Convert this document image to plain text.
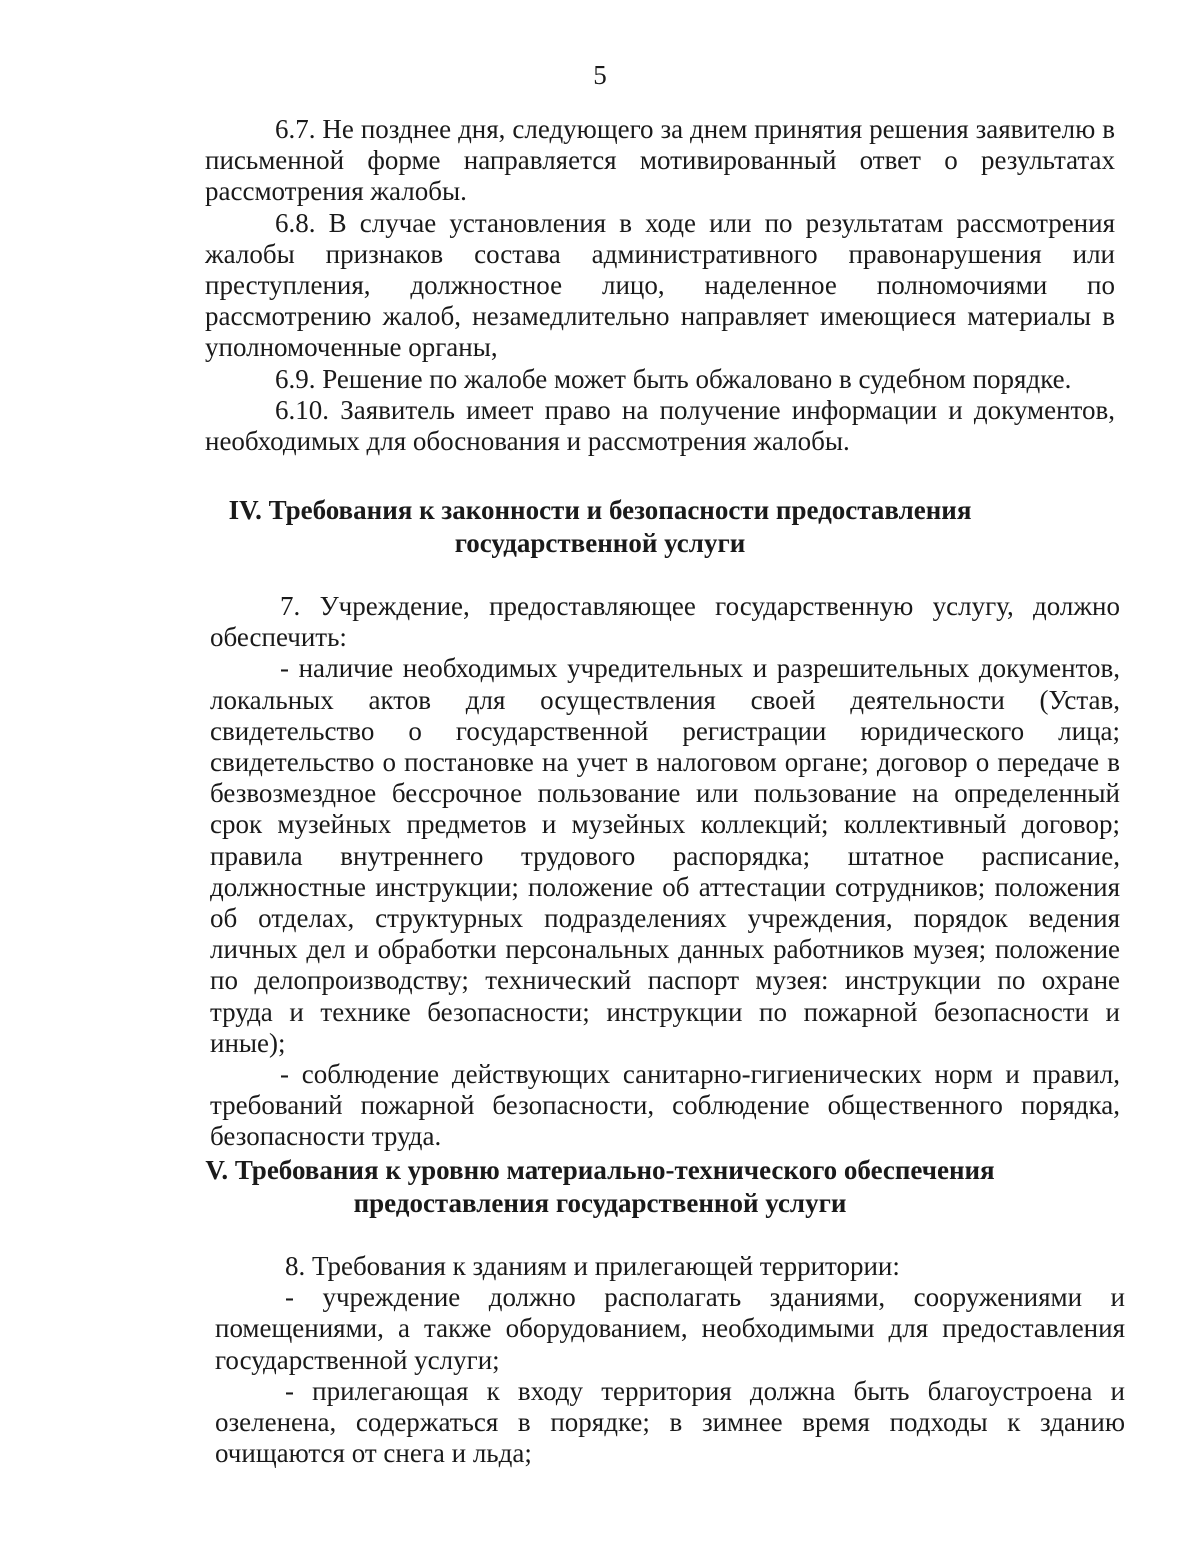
5

6.7. Не позднее дня, следующего за днем принятия решения заявителю в письменной форме направляется мотивированный ответ о результатах рассмотрения жалобы.

6.8. В случае установления в ходе или по результатам рассмотрения жалобы признаков состава административного правонарушения или преступления, должностное лицо, наделенное полномочиями по рассмотрению жалоб, незамедлительно направляет имеющиеся материалы в уполномоченные органы,

6.9. Решение по жалобе может быть обжаловано в судебном порядке.

6.10. Заявитель имеет право на получение информации и документов, необходимых для обоснования и рассмотрения жалобы.

IV. Требования к законности и безопасности предоставления
государственной услуги

7. Учреждение, предоставляющее государственную услугу, должно обеспечить:

- наличие необходимых учредительных и разрешительных документов, локальных актов для осуществления своей деятельности (Устав, свидетельство о государственной регистрации юридического лица; свидетельство о постановке на учет в налоговом органе; договор о передаче в безвозмездное бессрочное пользование или пользование на определенный срок музейных предметов и музейных коллекций; коллективный договор; правила внутреннего трудового распорядка; штатное расписание, должностные инструкции; положение об аттестации сотрудников; положения об отделах, структурных подразделениях учреждения, порядок ведения личных дел и обработки персональных данных работников музея; положение по делопроизводству; технический паспорт музея: инструкции по охране труда и технике безопасности; инструкции по пожарной безопасности и иные);

- соблюдение действующих санитарно-гигиенических норм и правил, требований пожарной безопасности, соблюдение общественного порядка, безопасности труда.

V. Требования к уровню материально-технического обеспечения
предоставления государственной услуги

8. Требования к зданиям и прилегающей территории:

- учреждение должно располагать зданиями, сооружениями и помещениями, а также оборудованием, необходимыми для предоставления государственной услуги;

- прилегающая к входу территория должна быть благоустроена и озеленена, содержаться в порядке; в зимнее время подходы к зданию очищаются от снега и льда;
